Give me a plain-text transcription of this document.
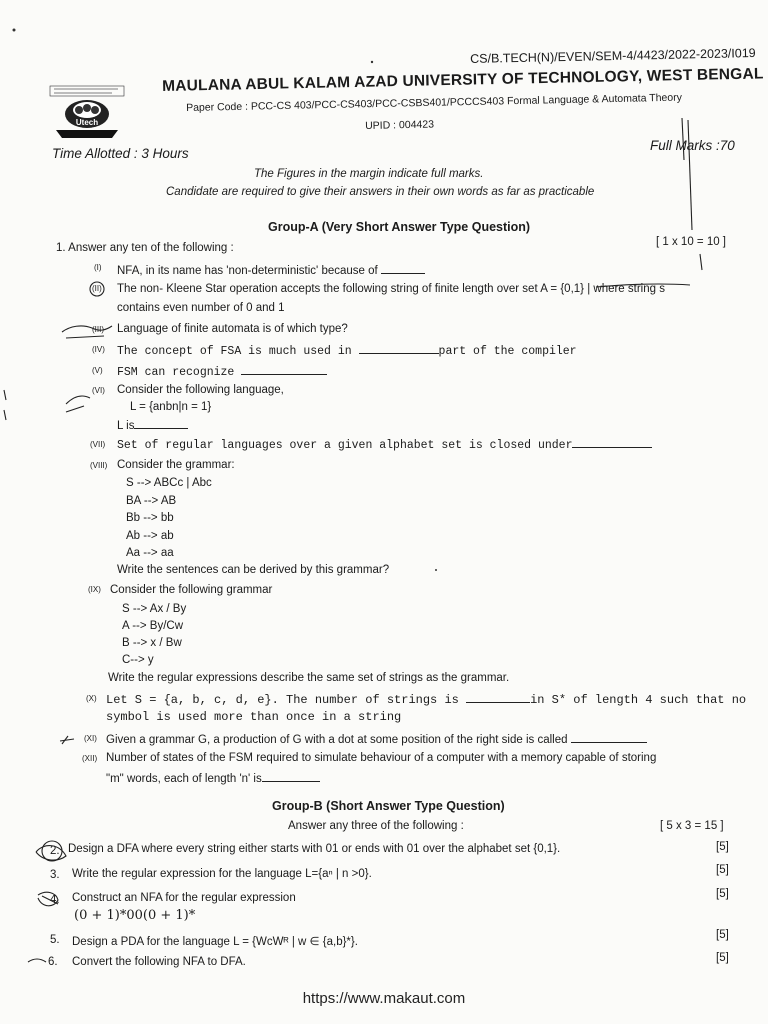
CS/B.TECH(N)/EVEN/SEM-4/4423/2022-2023/I019
Utech
MAULANA ABUL KALAM AZAD UNIVERSITY OF TECHNOLOGY, WEST BENGAL
Paper Code : PCC-CS 403/PCC-CS403/PCC-CSBS401/PCCCS403 Formal Language & Automata Theory
UPID : 004423
Time Allotted : 3 Hours
Full Marks :70
The Figures in the margin indicate full marks.
Candidate are required to give their answers in their own words as far as practicable
Group-A (Very Short Answer Type Question)
1. Answer any ten of the following :	[ 1 x 10 = 10 ]
(I) NFA, in its name has 'non-deterministic' because of
(II) The non- Kleene Star operation accepts the following string of finite length over set A = {0,1} | where string s
contains even number of 0 and 1
(III) Language of finite automata is of which type?
(IV) The concept of FSA is much used in	part of the compiler
(V) FSM can recognize
(VI) Consider the following language,
L = {anbn|n = 1}
L is
(VII) Set of regular languages over a given alphabet set is closed under
(VIII) Consider the grammar:
S --> ABCc | Abc
BA --> AB
Bb --> bb
Ab --> ab
Aa --> aa
Write the sentences can be derived by this grammar?
(IX) Consider the following grammar
S --> Ax / By
A --> By/Cw
B --> x / Bw
C--> y
Write the regular expressions describe the same set of strings as the grammar.
(X) Let S = {a, b, c, d, e}. The number of strings is	in S* of length 4 such that no
symbol is used more than once in a string
(XI) Given a grammar G, a production of G with a dot at some position of the right side is called
(XII) Number of states of the FSM required to simulate behaviour of a computer with a memory capable of storing
"m" words, each of length 'n' is
Group-B (Short Answer Type Question)
Answer any three of the following :	[ 5 x 3 = 15 ]
2. Design a DFA where every string either starts with 01 or ends with 01 over the alphabet set {0,1}.	[5]
3. Write the regular expression for the language L={aⁿ | n >0}.	[5]
4. Construct an NFA for the regular expression
(0 + 1)*00(0 + 1)*
[5]
5. Design a PDA for the language L = {WcWᴿ | w ∈ {a,b}*}.
[5]
6. Convert the following NFA to DFA.	[5]
https://www.makaut.com
